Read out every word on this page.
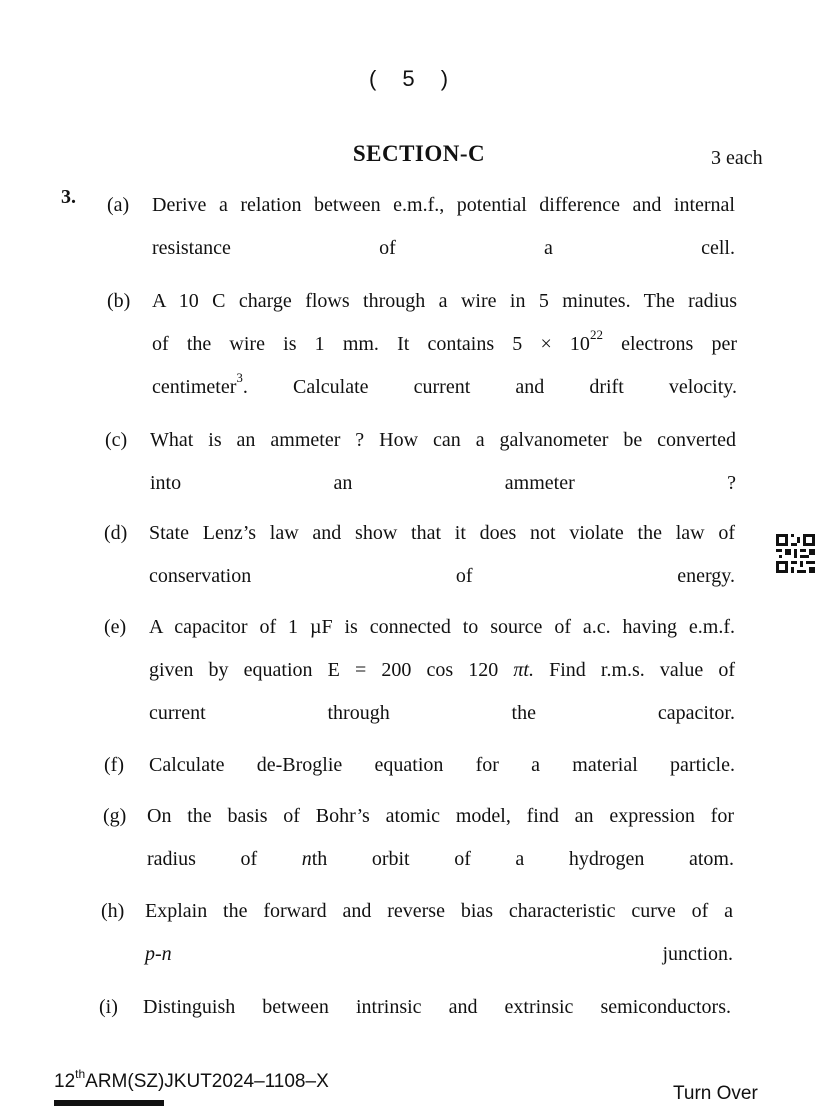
( 5 )
SECTION-C	3 each
3. (a) Derive a relation between e.m.f., potential difference and internal
resistance of a cell.
(b) A 10 C charge flows through a wire in 5 minutes. The radius
of the wire is 1 mm. It contains $5 \times 10^{22}$ electrons per
centimeter$^3$. Calculate current and drift velocity.
(c) What is an ammeter ? How can a galvanometer be converted
into an ammeter ?
(d) State Lenz’s law and show that it does not violate the law of
conservation of energy.
(e) A capacitor of 1 µF is connected to source of a.c. having e.m.f.
given by equation E = 200 cos 120 πt. Find r.m.s. value of
current through the capacitor.
(f) Calculate de-Broglie equation for a material particle.
(g) On the basis of Bohr’s atomic model, find an expression for
radius of nth orbit of a hydrogen atom.
(h) Explain the forward and reverse bias characteristic curve of a
p-n junction.
(i) Distinguish between intrinsic and extrinsic semiconductors.
12thARM(SZ)JKUT2024–1108–X
Turn Over
